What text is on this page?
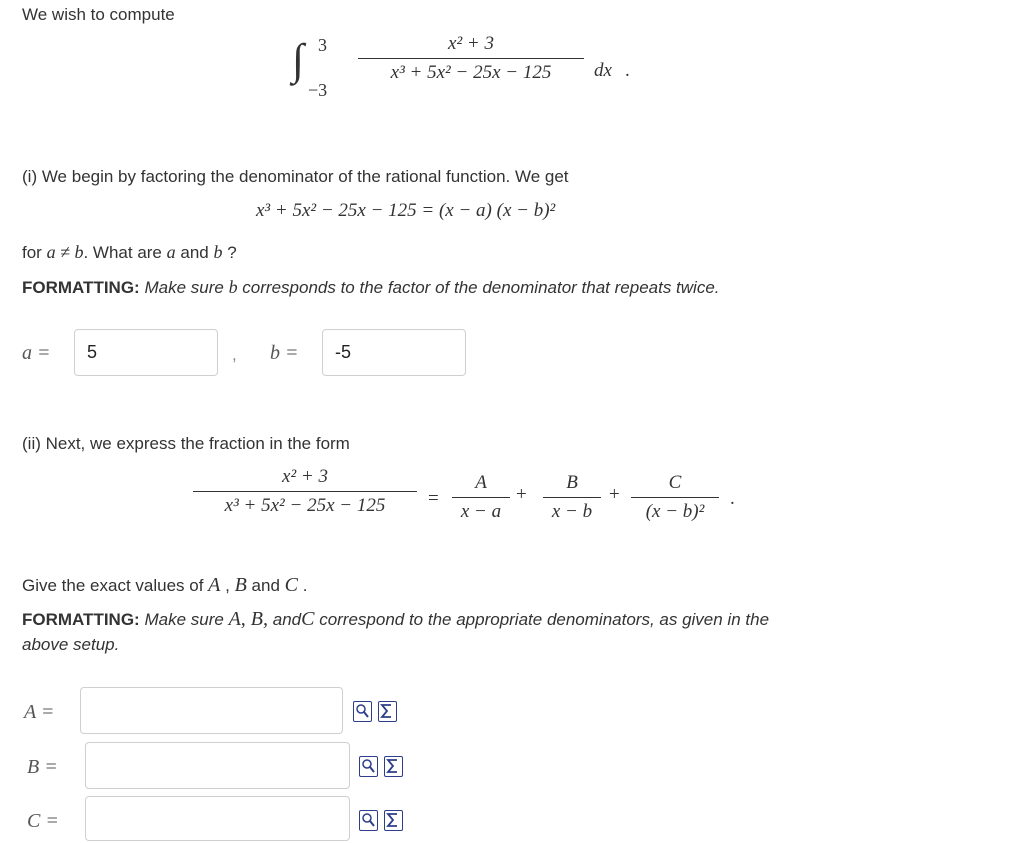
We wish to compute
∫ 3
−3
x² + 3
x³ + 5x² − 25x − 125	dx .
(i) We begin by factoring the denominator of the rational function. We get
x³ + 5x² − 25x − 125 = (x − a) (x − b)²
for a ≠ b. What are a and b ?
FORMATTING: Make sure b corresponds to the factor of the denominator that repeats twice.
a =
5	, b =
-5
(ii) Next, we express the fraction in the form
x² + 3
x³ + 5x² − 25x − 125	=
A
x − a
+
B
x − b
+
C
(x − b)²
.
Give the exact values of A , B and C .
FORMATTING: Make sure A, B, andC correspond to the appropriate denominators, as given in the
above setup.
A =
B =
C =
